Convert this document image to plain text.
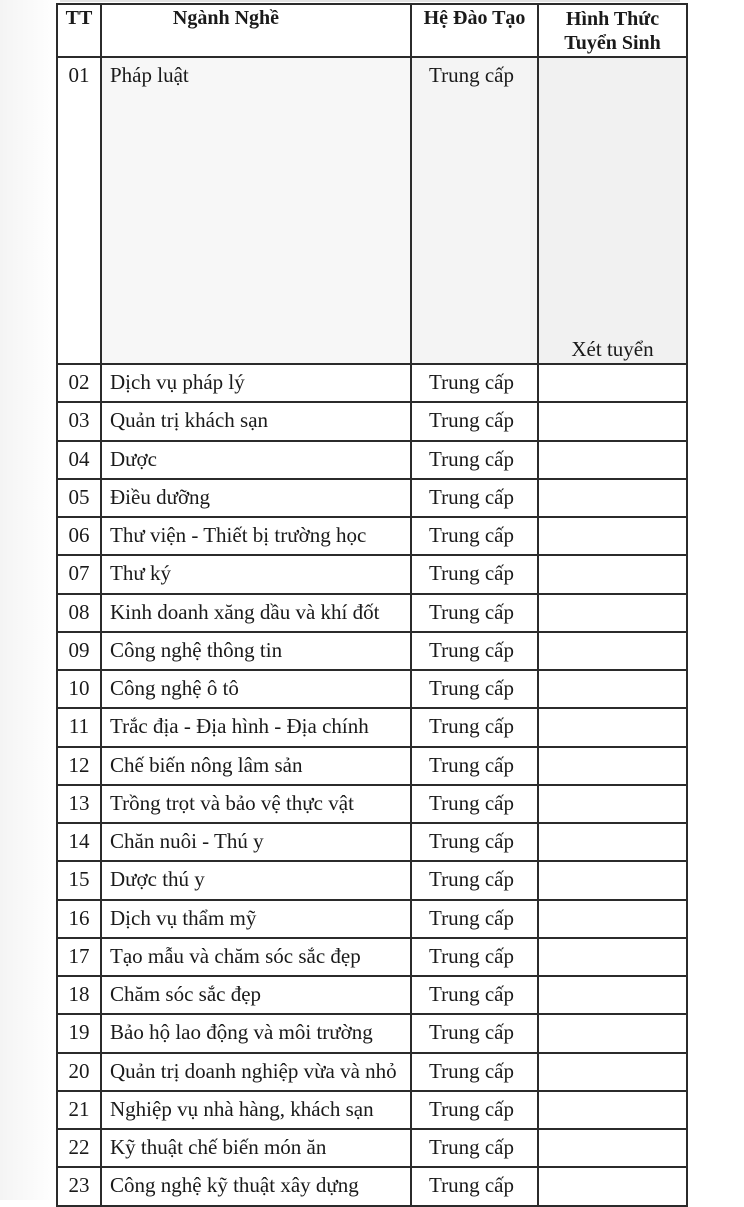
TT	Ngành Nghề	Hệ Đào Tạo	Hình Thức Tuyển Sinh
01	Pháp luật	Trung cấp	Xét tuyển

02	Dịch vụ pháp lý	Trung cấp	
03	Quản trị khách sạn	Trung cấp	
04	Dược	Trung cấp	
05	Điều dưỡng	Trung cấp	
06	Thư viện - Thiết bị trường học	Trung cấp	
07	Thư ký	Trung cấp	
08	Kinh doanh xăng dầu và khí đốt	Trung cấp	
09	Công nghệ thông tin	Trung cấp	
10	Công nghệ ô tô	Trung cấp	
11	Trắc địa - Địa hình - Địa chính	Trung cấp	
12	Chế biến nông lâm sản	Trung cấp	
13	Trồng trọt và bảo vệ thực vật	Trung cấp	
14	Chăn nuôi - Thú y	Trung cấp	
15	Dược thú y	Trung cấp	
16	Dịch vụ thẩm mỹ	Trung cấp	
17	Tạo mẫu và chăm sóc sắc đẹp	Trung cấp	
18	Chăm sóc sắc đẹp	Trung cấp	
19	Bảo hộ lao động và môi trường	Trung cấp	
20	Quản trị doanh nghiệp vừa và nhỏ	Trung cấp	
21	Nghiệp vụ nhà hàng, khách sạn	Trung cấp	
22	Kỹ thuật chế biến món ăn	Trung cấp	
23	Công nghệ kỹ thuật xây dựng	Trung cấp	
